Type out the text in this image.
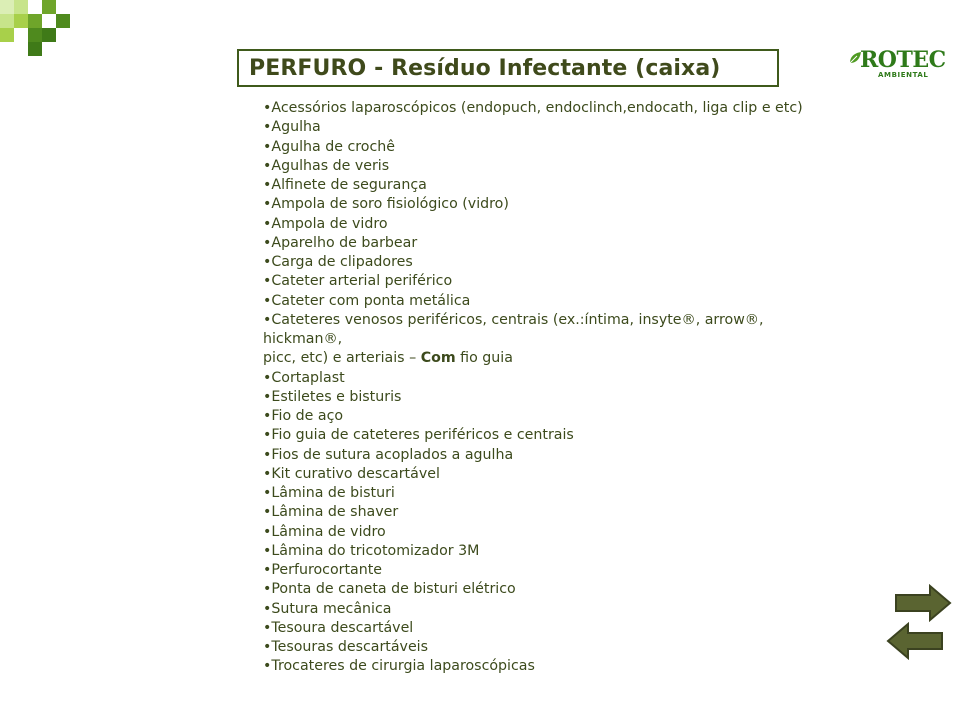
PERFURO - Resíduo Infectante (caixa)	ROTEC
AMBIENTAL
•Acessórios laparoscópicos (endopuch, endoclinch,endocath, liga clip e etc)
•Agulha
•Agulha de crochê
•Agulhas de veris
•Alfinete de segurança
•Ampola de soro fisiológico (vidro)
•Ampola de vidro
•Aparelho de barbear
•Carga de clipadores
•Cateter arterial periférico
•Cateter com ponta metálica
•Cateteres venosos periféricos, centrais (ex.:íntima, insyte®, arrow®,
hickman®,
picc, etc) e arteriais – Com fio guia
•Cortaplast
•Estiletes e bisturis
•Fio de aço
•Fio guia de cateteres periféricos e centrais
•Fios de sutura acoplados a agulha
•Kit curativo descartável
•Lâmina de bisturi
•Lâmina de shaver
•Lâmina de vidro
•Lâmina do tricotomizador 3M
•Perfurocortante
•Ponta de caneta de bisturi elétrico
•Sutura mecânica
•Tesoura descartável
•Tesouras descartáveis
•Trocateres de cirurgia laparoscópicas
